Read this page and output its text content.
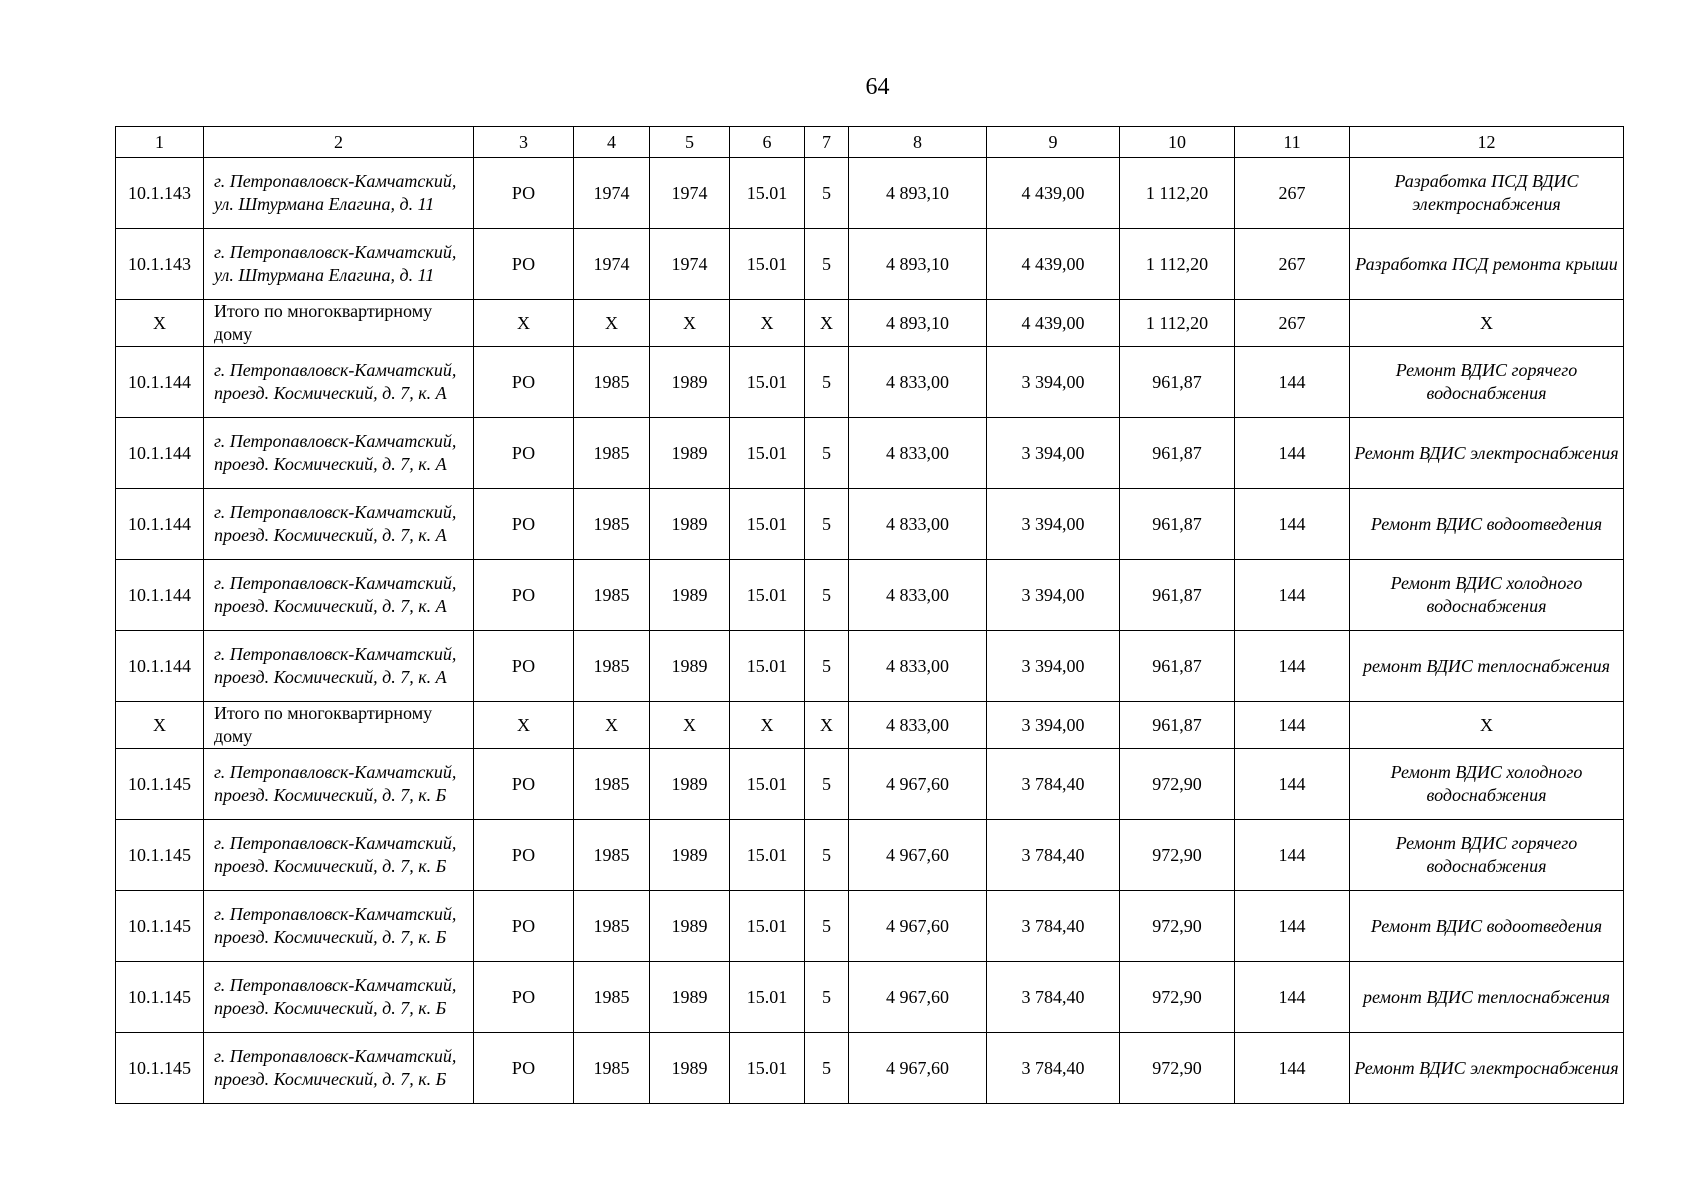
64
1	2	3	4	5	6	7	8	9	10	11	12
10.1.143	г. Петропавловск-Камчатский, ул. Штурмана Елагина, д. 11	РО	1974	1974	15.01	5	4 893,10	4 439,00	1 112,20	267	Разработка ПСД ВДИС электроснабжения
10.1.143	г. Петропавловск-Камчатский, ул. Штурмана Елагина, д. 11	РО	1974	1974	15.01	5	4 893,10	4 439,00	1 112,20	267	Разработка ПСД ремонта крыши
Х	Итого по многоквартирному дому	Х	Х	Х	Х	Х	4 893,10	4 439,00	1 112,20	267	Х
10.1.144	г. Петропавловск-Камчатский, проезд. Космический, д. 7, к. А	РО	1985	1989	15.01	5	4 833,00	3 394,00	961,87	144	Ремонт ВДИС горячего водоснабжения
10.1.144	г. Петропавловск-Камчатский, проезд. Космический, д. 7, к. А	РО	1985	1989	15.01	5	4 833,00	3 394,00	961,87	144	Ремонт ВДИС электроснабжения
10.1.144	г. Петропавловск-Камчатский, проезд. Космический, д. 7, к. А	РО	1985	1989	15.01	5	4 833,00	3 394,00	961,87	144	Ремонт ВДИС водоотведения
10.1.144	г. Петропавловск-Камчатский, проезд. Космический, д. 7, к. А	РО	1985	1989	15.01	5	4 833,00	3 394,00	961,87	144	Ремонт ВДИС холодного водоснабжения
10.1.144	г. Петропавловск-Камчатский, проезд. Космический, д. 7, к. А	РО	1985	1989	15.01	5	4 833,00	3 394,00	961,87	144	ремонт ВДИС теплоснабжения
Х	Итого по многоквартирному дому	Х	Х	Х	Х	Х	4 833,00	3 394,00	961,87	144	Х
10.1.145	г. Петропавловск-Камчатский, проезд. Космический, д. 7, к. Б	РО	1985	1989	15.01	5	4 967,60	3 784,40	972,90	144	Ремонт ВДИС холодного водоснабжения
10.1.145	г. Петропавловск-Камчатский, проезд. Космический, д. 7, к. Б	РО	1985	1989	15.01	5	4 967,60	3 784,40	972,90	144	Ремонт ВДИС горячего водоснабжения
10.1.145	г. Петропавловск-Камчатский, проезд. Космический, д. 7, к. Б	РО	1985	1989	15.01	5	4 967,60	3 784,40	972,90	144	Ремонт ВДИС водоотведения
10.1.145	г. Петропавловск-Камчатский, проезд. Космический, д. 7, к. Б	РО	1985	1989	15.01	5	4 967,60	3 784,40	972,90	144	ремонт ВДИС теплоснабжения
10.1.145	г. Петропавловск-Камчатский, проезд. Космический, д. 7, к. Б	РО	1985	1989	15.01	5	4 967,60	3 784,40	972,90	144	Ремонт ВДИС электроснабжения
